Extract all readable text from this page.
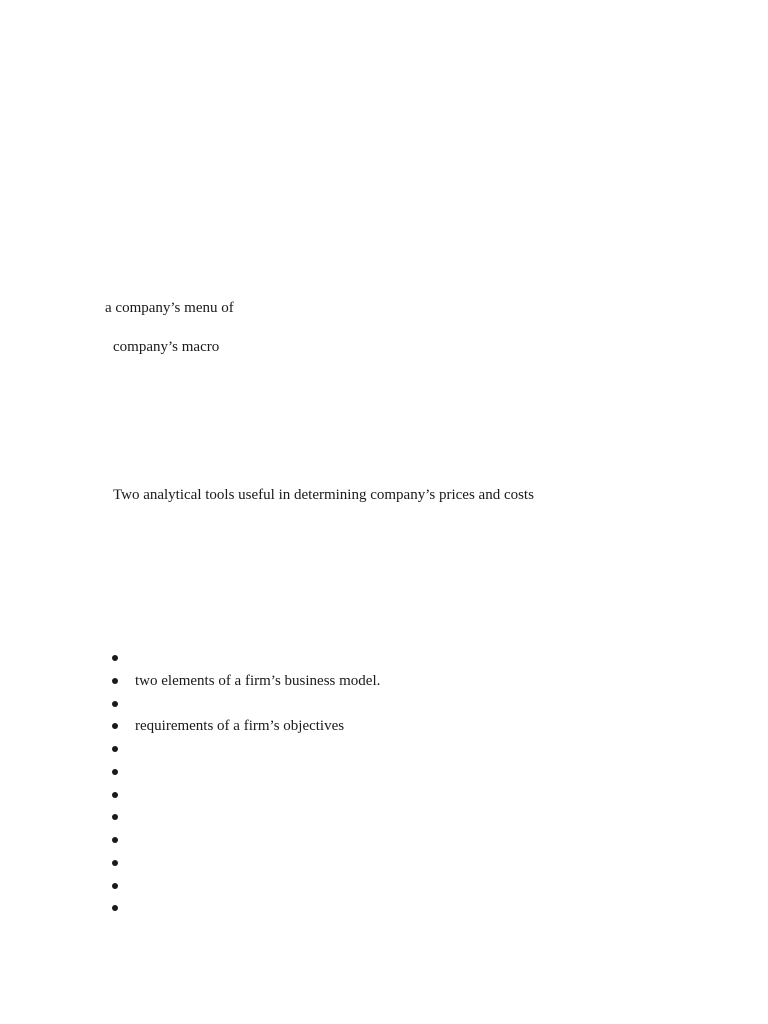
a company’s menu of
company’s macro
Two analytical tools useful in determining company’s prices and costs
two elements of a firm’s business model.
requirements of a firm’s objectives
